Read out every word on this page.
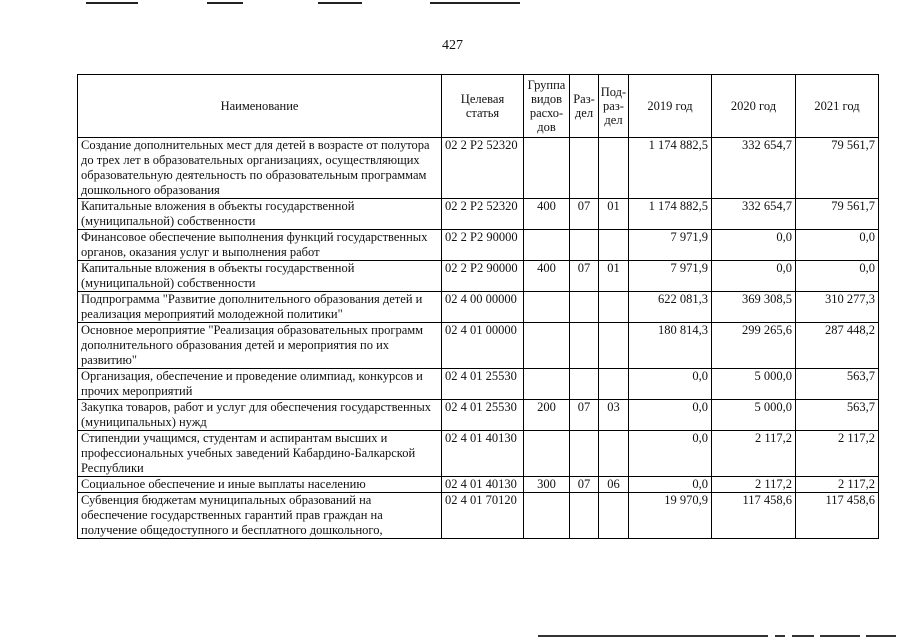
427
Наименование	Целевая статья	Группа видов расхо-дов	Раз-дел	Под-раз-дел	2019 год	2020 год	2021 год
Создание дополнительных мест для детей в возрасте от полутора до трех лет в образовательных организациях, осуществляющих образовательную деятельность по образовательным программам дошкольного образования	02 2 P2 52320				1 174 882,5	332 654,7	79 561,7
Капитальные вложения в объекты государственной (муниципальной) собственности	02 2 P2 52320	400	07	01	1 174 882,5	332 654,7	79 561,7
Финансовое обеспечение выполнения функций государственных органов, оказания услуг и выполнения работ	02 2 P2 90000				7 971,9	0,0	0,0
Капитальные вложения в объекты государственной (муниципальной) собственности	02 2 P2 90000	400	07	01	7 971,9	0,0	0,0
Подпрограмма "Развитие дополнительного образования детей и реализация мероприятий молодежной политики"	02 4 00 00000				622 081,3	369 308,5	310 277,3
Основное мероприятие "Реализация образовательных программ дополнительного образования детей и мероприятия по их развитию"	02 4 01 00000				180 814,3	299 265,6	287 448,2
Организация, обеспечение и проведение олимпиад, конкурсов и прочих мероприятий	02 4 01 25530				0,0	5 000,0	563,7
Закупка товаров, работ и услуг для обеспечения государственных (муниципальных) нужд	02 4 01 25530	200	07	03	0,0	5 000,0	563,7
Стипендии учащимся, студентам и аспирантам высших и профессиональных учебных заведений Кабардино-Балкарской Республики	02 4 01 40130				0,0	2 117,2	2 117,2
Социальное обеспечение и иные выплаты населению	02 4 01 40130	300	07	06	0,0	2 117,2	2 117,2
Субвенция бюджетам муниципальных образований на обеспечение государственных гарантий прав граждан на получение общедоступного и бесплатного дошкольного,	02 4 01 70120				19 970,9	117 458,6	117 458,6
